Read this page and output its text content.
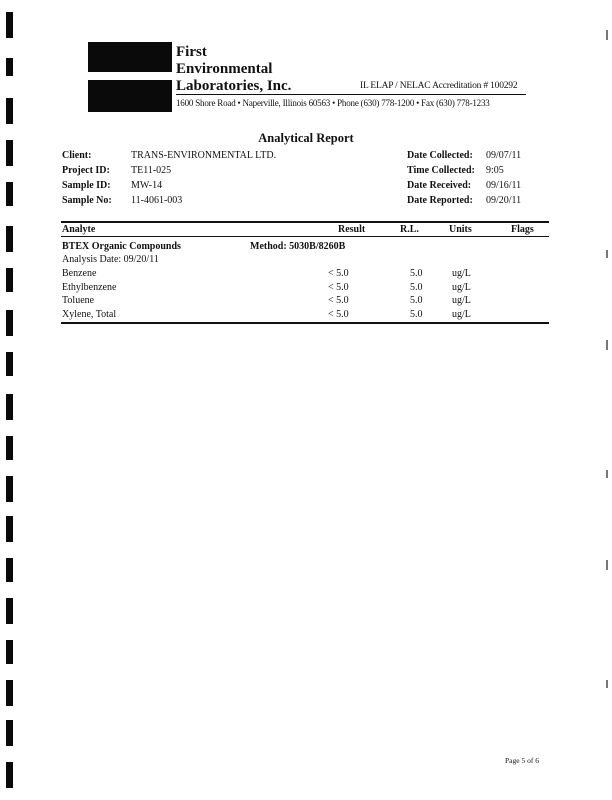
First
Environmental
Laboratories, Inc.	IL ELAP / NELAC Accreditation # 100292
1600 Shore Road • Naperville, Illinois 60563 • Phone (630) 778-1200 • Fax (630) 778-1233
Analytical Report
Client:	TRANS-ENVIRONMENTAL LTD.
Project ID: TE11-025
Sample ID: MW-14
Sample No: 11-4061-003
Date Collected: 09/07/11
Time Collected: 9:05
Date Received: 09/16/11
Date Reported: 09/20/11
Analyte	Result	R.L.	Units	Flags
BTEX Organic Compounds	Method: 5030B/8260B
Analysis Date: 09/20/11
Benzene	< 5.0	5.0	ug/L
Ethylbenzene	< 5.0	5.0	ug/L
Toluene	< 5.0	5.0	ug/L
Xylene, Total	< 5.0	5.0	ug/L
Page 5 of 6
